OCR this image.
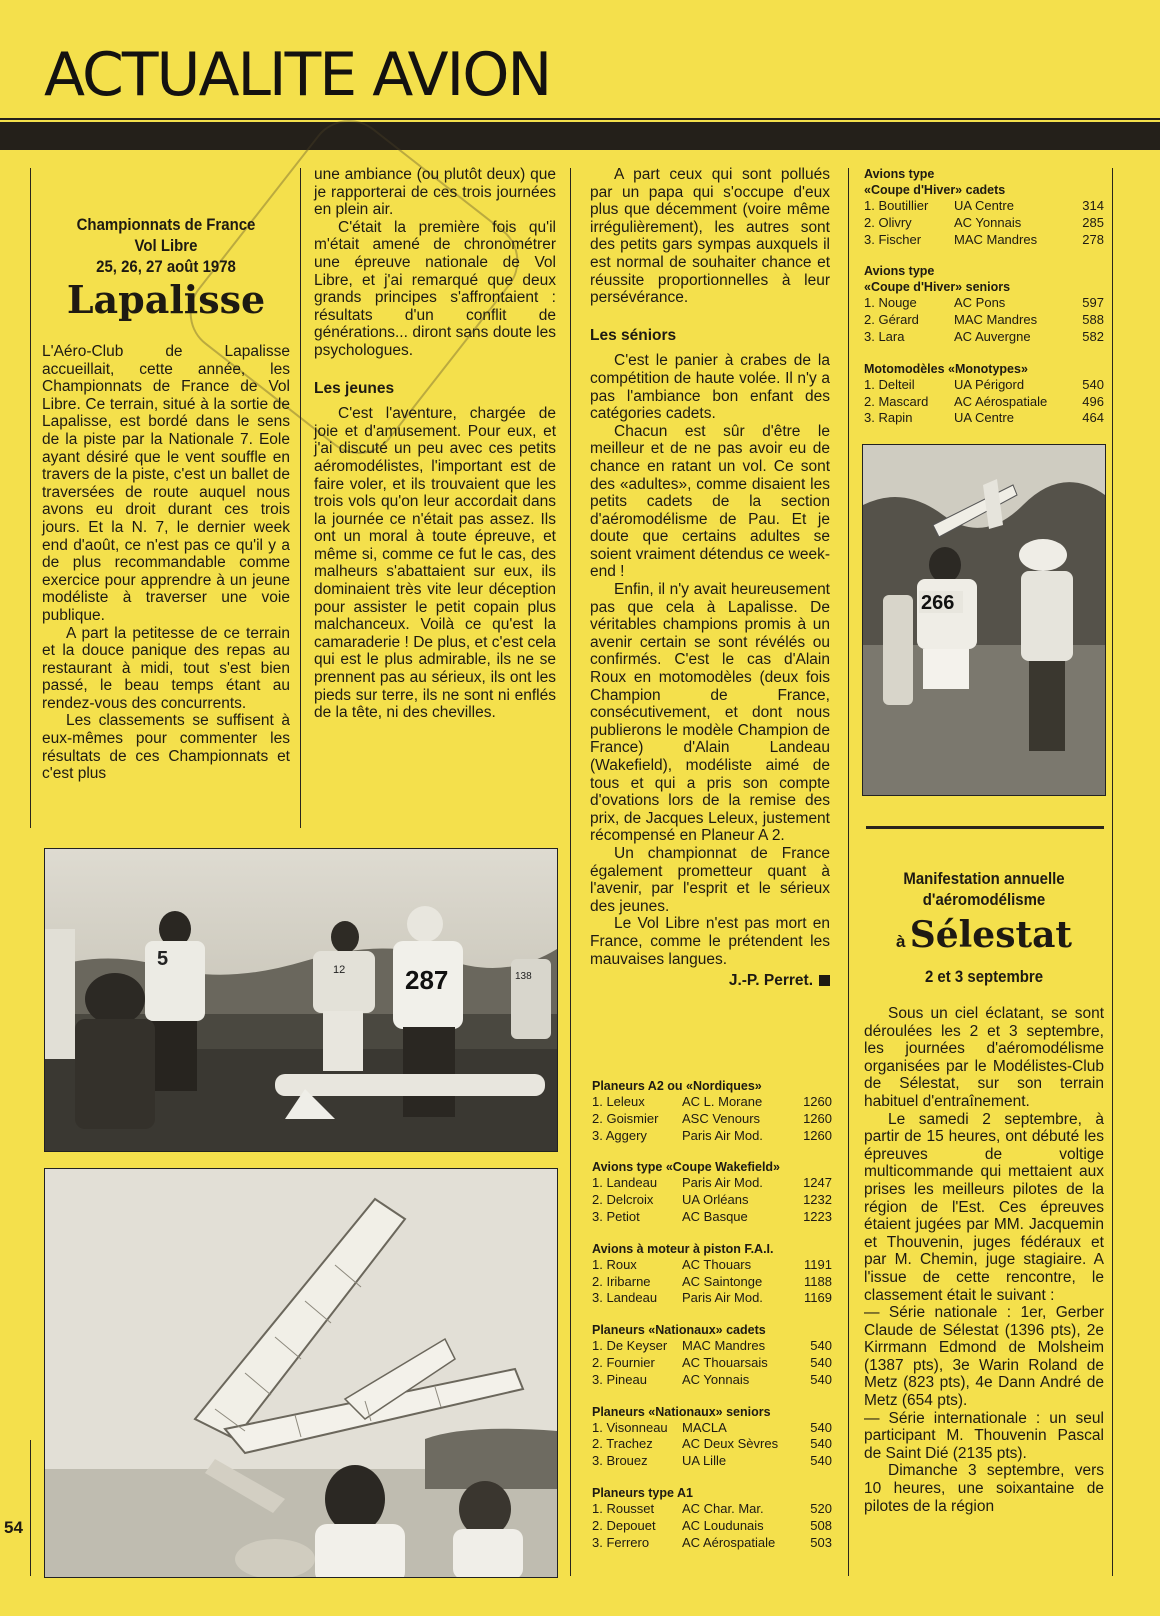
ACTUALITE AVION
Championnats de France
Vol Libre
25, 26, 27 août 1978
Lapalisse

L'Aéro-Club de Lapalisse accueillait, cette année, les Championnats de France de Vol Libre. Ce terrain, situé à la sortie de Lapalisse, est bordé dans le sens de la piste par la Nationale 7. Eole ayant désiré que le vent souffle en travers de la piste, c'est un ballet de traversées de route auquel nous avons eu droit durant ces trois jours. Et la N. 7, le dernier week end d'août, ce n'est pas ce qu'il y a de plus recommandable comme exercice pour apprendre à un jeune modéliste à traverser une voie publique.

A part la petitesse de ce terrain et la douce panique des repas au restaurant à midi, tout s'est bien passé, le beau temps étant au rendez-vous des concurrents.

Les classements se suffisent à eux-mêmes pour commenter les résultats de ces Championnats et c'est plus

une ambiance (ou plutôt deux) que je rapporterai de ces trois journées en plein air.

C'était la première fois qu'il m'était amené de chronométrer une épreuve nationale de Vol Libre, et j'ai remarqué que deux grands principes s'affrontaient : résultats d'un conflit de générations... diront sans doute les psychologues.

Les jeunes

C'est l'aventure, chargée de joie et d'amusement. Pour eux, et j'ai discuté un peu avec ces petits aéromodélistes, l'important est de faire voler, et ils trouvaient que les trois vols qu'on leur accordait dans la journée ce n'était pas assez. Ils ont un moral à toute épreuve, et même si, comme ce fut le cas, des malheurs s'abattaient sur eux, ils dominaient très vite leur déception pour assister le petit copain plus malchanceux. Voilà ce qu'est la camaraderie ! De plus, et c'est cela qui est le plus admirable, ils ne se prennent pas au sérieux, ils ont les pieds sur terre, ils ne sont ni enflés de la tête, ni des chevilles.

A part ceux qui sont pollués par un papa qui s'occupe d'eux plus que décemment (voire même irrégulièrement), les autres sont des petits gars sympas auxquels il est normal de souhaiter chance et réussite proportionnelles à leur persévérance.

Les séniors

C'est le panier à crabes de la compétition de haute volée. Il n'y a pas l'ambiance bon enfant des catégories cadets.

Chacun est sûr d'être le meilleur et de ne pas avoir eu de chance en ratant un vol. Ce sont des «adultes», comme disaient les petits cadets de la section d'aéromodélisme de Pau. Et je doute que certains adultes se soient vraiment détendus ce week-end !

Enfin, il n'y avait heureusement pas que cela à Lapalisse. De véritables champions promis à un avenir certain se sont révélés ou confirmés. C'est le cas d'Alain Roux en motomodèles (deux fois Champion de France, consécutivement, et dont nous publierons le modèle Champion de France) d'Alain Landeau (Wakefield), modéliste aimé de tous et qui a pris son compte d'ovations lors de la remise des prix, de Jacques Leleux, justement récompensé en Planeur A 2.

Un championnat de France également prometteur quant à l'avenir, par l'esprit et le sérieux des jeunes.

Le Vol Libre n'est pas mort en France, comme le prétendent les mauvaises langues.

J.-P. Perret.
Planeurs A2 ou «Nordiques»
1. Leleux	AC L. Morane	1260
2. Goismier	ASC Venours	1260
3. Aggery	Paris Air Mod.	1260
Avions type «Coupe Wakefield»
1. Landeau	Paris Air Mod.	1247
2. Delcroix	UA Orléans	1232
3. Petiot	AC Basque	1223
Avions à moteur à piston F.A.I.
1. Roux	AC Thouars	1191
2. Iribarne	AC Saintonge	1188
3. Landeau	Paris Air Mod.	1169
Planeurs «Nationaux» cadets
1. De Keyser	MAC Mandres	540
2. Fournier	AC Thouarsais	540
3. Pineau	AC Yonnais	540
Planeurs «Nationaux» seniors
1. Visonneau	MACLA	540
2. Trachez	AC Deux Sèvres	540
3. Brouez	UA Lille	540
Planeurs type A1
1. Rousset	AC Char. Mar.	520
2. Depouet	AC Loudunais	508
3. Ferrero	AC Aérospatiale	503
Avions type
«Coupe d'Hiver» cadets
1. Boutillier	UA Centre	314
2. Olivry	AC Yonnais	285
3. Fischer	MAC Mandres	278
Avions type
«Coupe d'Hiver» seniors
1. Nouge	AC Pons	597
2. Gérard	MAC Mandres	588
3. Lara	AC Auvergne	582
Motomodèles «Monotypes»
1. Delteil	UA Périgord	540
2. Mascard	AC Aérospatiale	496
3. Rapin	UA Centre	464
12 287	138
5
266
Manifestation annuelle
d'aéromodélisme
à Sélestat
2 et 3 septembre

Sous un ciel éclatant, se sont déroulées les 2 et 3 septembre, les journées d'aéromodélisme organisées par le Modélistes-Club de Sélestat, sur son terrain habituel d'entraînement.

Le samedi 2 septembre, à partir de 15 heures, ont débuté les épreuves de voltige multicommande qui mettaient aux prises les meilleurs pilotes de la région de l'Est. Ces épreuves étaient jugées par MM. Jacquemin et Thouvenin, juges fédéraux et par M. Chemin, juge stagiaire. A l'issue de cette rencontre, le classement était le suivant :

— Série nationale : 1er, Gerber Claude de Sélestat (1396 pts), 2e Kirrmann Edmond de Molsheim (1387 pts), 3e Warin Roland de Metz (823 pts), 4e Dann André de Metz (654 pts).

— Série internationale : un seul participant M. Thouvenin Pascal de Saint Dié (2135 pts).

Dimanche 3 septembre, vers 10 heures, une soixantaine de pilotes de la région

54
